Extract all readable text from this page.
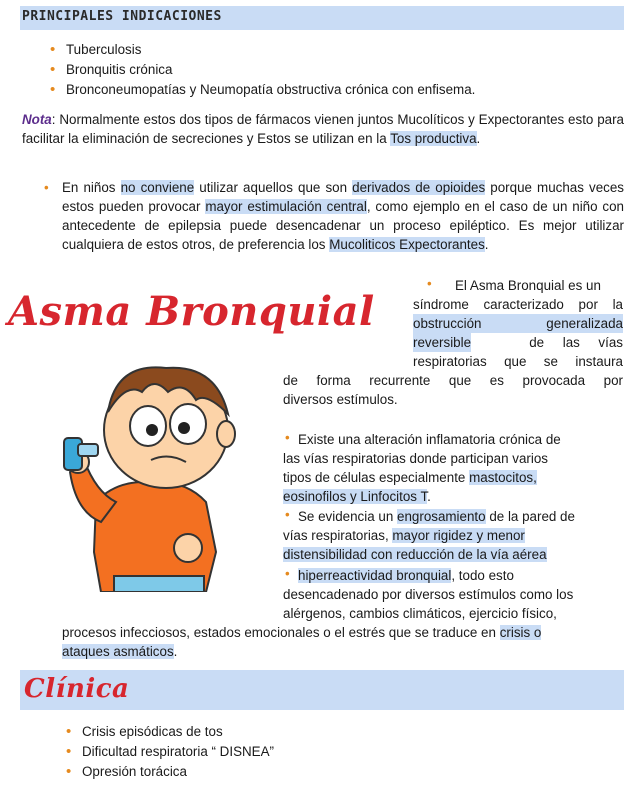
PRINCIPALES INDICACIONES
• Tuberculosis
• Bronquitis crónica
• Bronconeumopatías y Neumopatía obstructiva crónica con enfisema.
Nota: Normalmente estos dos tipos de fármacos vienen juntos Mucolíticos y Expectorantes esto para facilitar la eliminación de secreciones y Estos se utilizan en la Tos productiva.
• En niños no conviene utilizar aquellos que son derivados de opioides porque muchas veces estos pueden provocar mayor estimulación central, como ejemplo en el caso de un niño con antecedente de epilepsia puede desencadenar un proceso epiléptico. Es mejor utilizar cualquiera de estos otros, de preferencia los Mucoliticos Expectorantes.
Asma Bronquial
• El Asma Bronquial es un
síndrome caracterizado por la
obstrucción          generalizada
reversible	de     las     vías
respiratorias que se instaura
de forma recurrente que es provocada por
diversos estímulos.
• Existe una alteración inflamatoria crónica de
las vías respiratorias donde participan varios
tipos de células especialmente mastocitos,
eosinofilos y Linfocitos T.
• Se evidencia un engrosamiento de la pared de
vías respiratorias, mayor rigidez y menor
distensibilidad con reducción de la vía aérea
• hiperreactividad bronquial, todo esto
desencadenado por diversos estímulos como los
alérgenos, cambios climáticos, ejercicio físico,
procesos infecciosos, estados emocionales o el estrés que se traduce en crisis o
ataques asmáticos.
Clínica
• Crisis episódicas de tos
• Dificultad respiratoria “ DISNEA”
• Opresión torácica
